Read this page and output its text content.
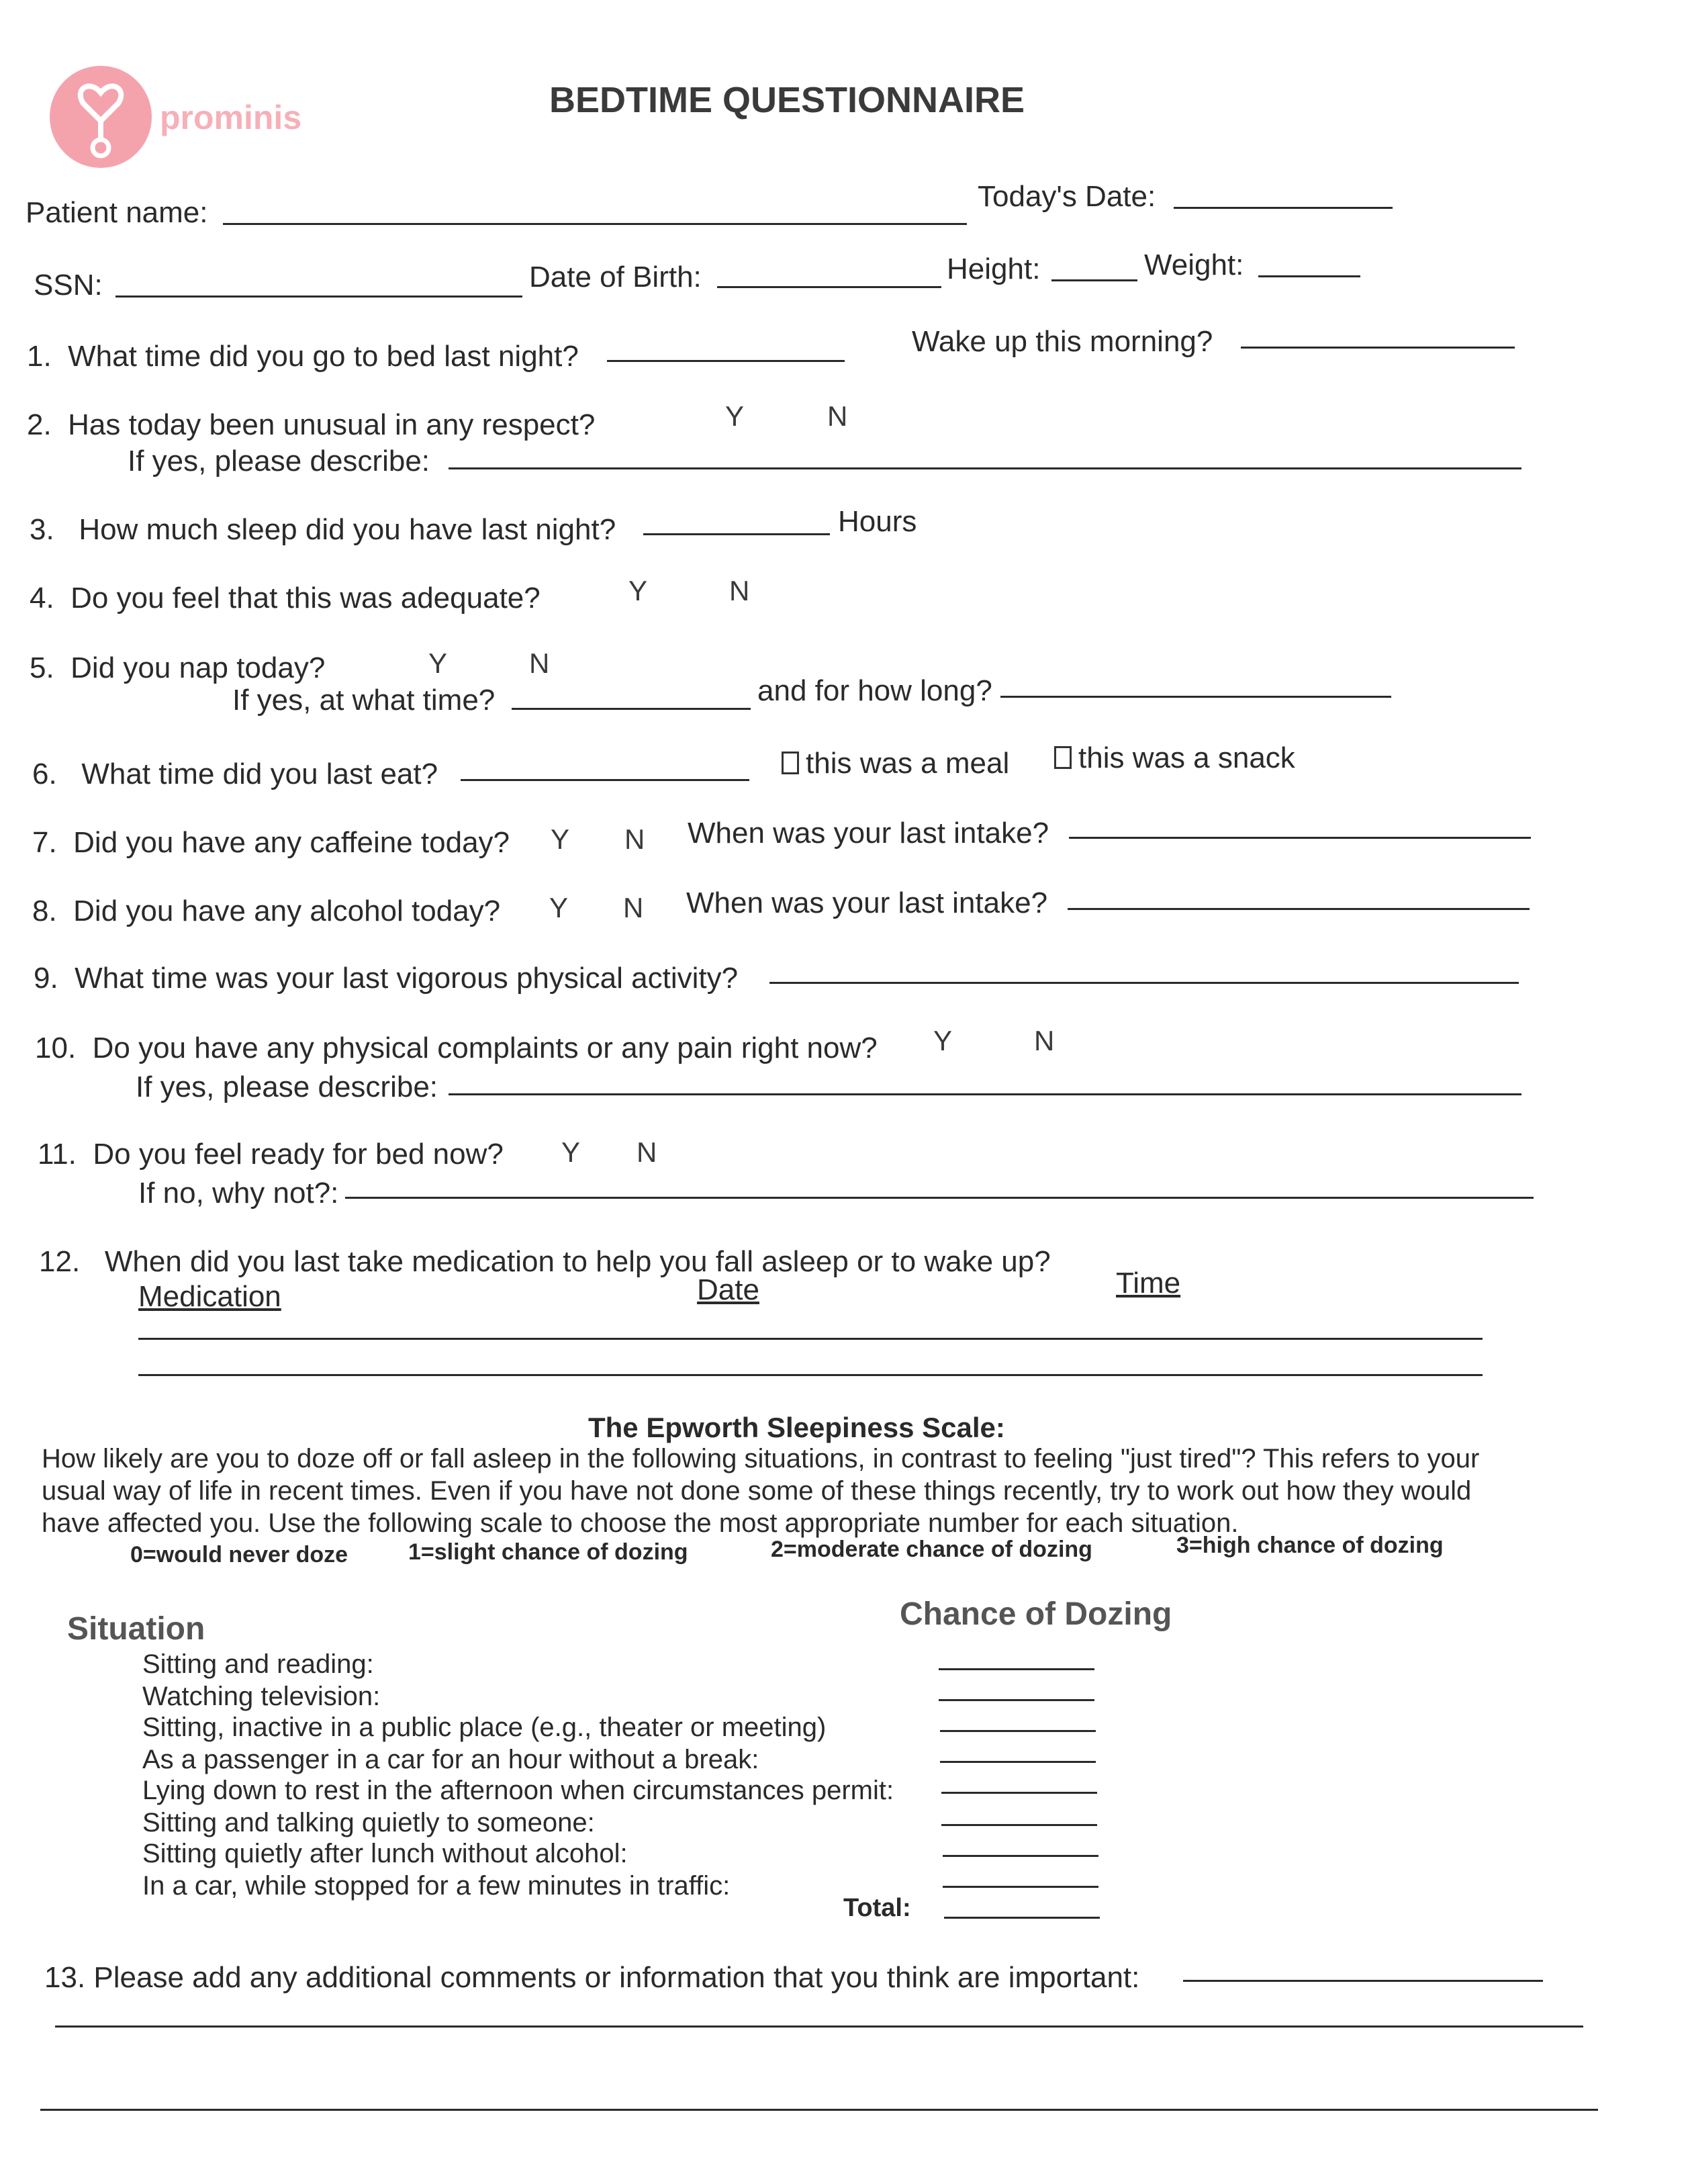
prominis	BEDTIME QUESTIONNAIRE
Patient name:	Today's Date:
SSN:	Date of Birth:	Height:	Weight:
1. What time did you go to bed last night?	Wake up this morning?
2. Has today been unusual in any respect?	Y	N
If yes, please describe:
3. How much sleep did you have last night?	Hours
4. Do you feel that this was adequate?	Y	N
5. Did you nap today?	Y	N
If yes, at what time?	and for how long?
6. What time did you last eat?	this was a meal	this was a snack
7. Did you have any caffeine today? Y N When was your last intake?
8. Did you have any alcohol today? Y N When was your last intake?
9. What time was your last vigorous physical activity?
10. Do you have any physical complaints or any pain right now? Y	N
If yes, please describe:
11. Do you feel ready for bed now? Y N
If no, why not?:
12. When did you last take medication to help you fall asleep or to wake up?
Medication	Date	Time
The Epworth Sleepiness Scale:
How likely are you to doze off or fall asleep in the following situations, in contrast to feeling "just tired"? This refers to your
usual way of life in recent times. Even if you have not done some of these things recently, try to work out how they would
have affected you. Use the following scale to choose the most appropriate number for each situation.
0=would never doze	1=slight chance of dozing	2=moderate chance of dozing	3=high chance of dozing
Situation	Chance of Dozing
Sitting and reading:
Watching television:
Sitting, inactive in a public place (e.g., theater or meeting)
As a passenger in a car for an hour without a break:
Lying down to rest in the afternoon when circumstances permit:
Sitting and talking quietly to someone:
Sitting quietly after lunch without alcohol:
In a car, while stopped for a few minutes in traffic:
Total:
13. Please add any additional comments or information that you think are important:
